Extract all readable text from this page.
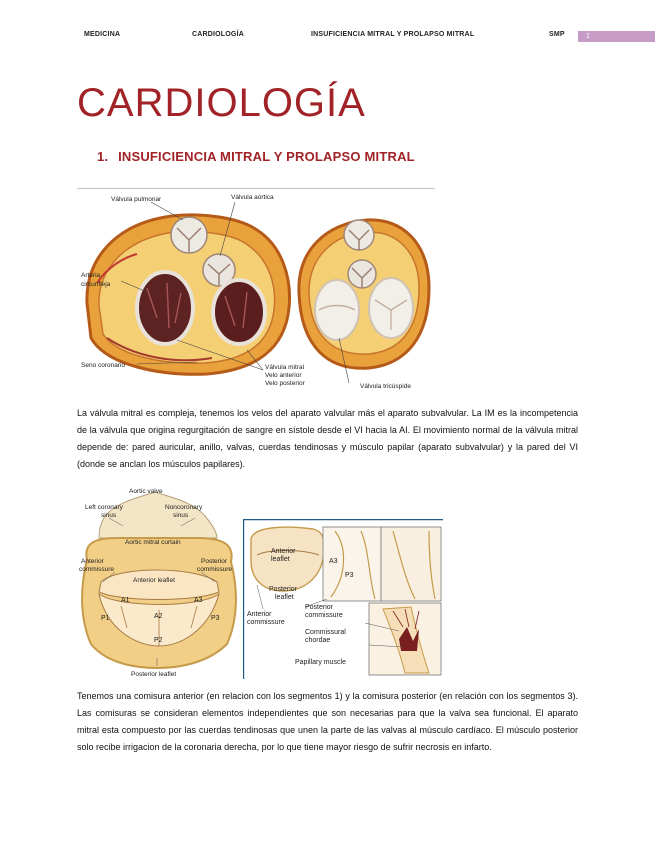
MEDICINA	CARDIOLOGÍA	INSUFICIENCIA MITRAL Y PROLAPSO MITRAL	SMP	1
CARDIOLOGÍA
1. INSUFICIENCIA MITRAL Y PROLAPSO MITRAL
Válvula pulmonar	Válvula aórtica
Arteria
circunfleja
Seno coronario	Válvula mitral
Velo anterior
Velo posterior	Válvula tricúspide

La válvula mitral es compleja, tenemos los velos del aparato valvular más el aparato subvalvular. La IM es la incompetencia de la válvula que origina regurgitación de sangre en sístole desde el VI hacia la AI. El movimiento normal de la válvula mitral depende de: pared auricular, anillo, valvas, cuerdas tendinosas y músculo papilar (aparato subvalvular) y la pared del VI (donde se anclan los músculos papilares).

Aortic valve
Left coronary
sinus
Noncoronary
sinus
Aortic mitral curtain
Anterior
commissure
Posterior
commissure
Anterior leaflet
A1
A2
A3
P1
P2
P3
Posterior leaflet
Anterior
leaflet
Posterior
leaflet
Anterior
commissure
Posterior
commissure
Commissural
chordae
Papillary muscle
A3
P3

Tenemos una comisura anterior (en relacion con los segmentos 1) y la comisura posterior (en relación con los segmentos 3). Las comisuras se consideran elementos independientes que son necesarias para que la valva sea funcional. El aparato mitral esta compuesto por las cuerdas tendinosas que unen la parte de las valvas al músculo cardíaco. El músculo posterior solo recibe irrigacion de la coronaria derecha, por lo que tiene mayor riesgo de sufrir necrosis en infarto.
